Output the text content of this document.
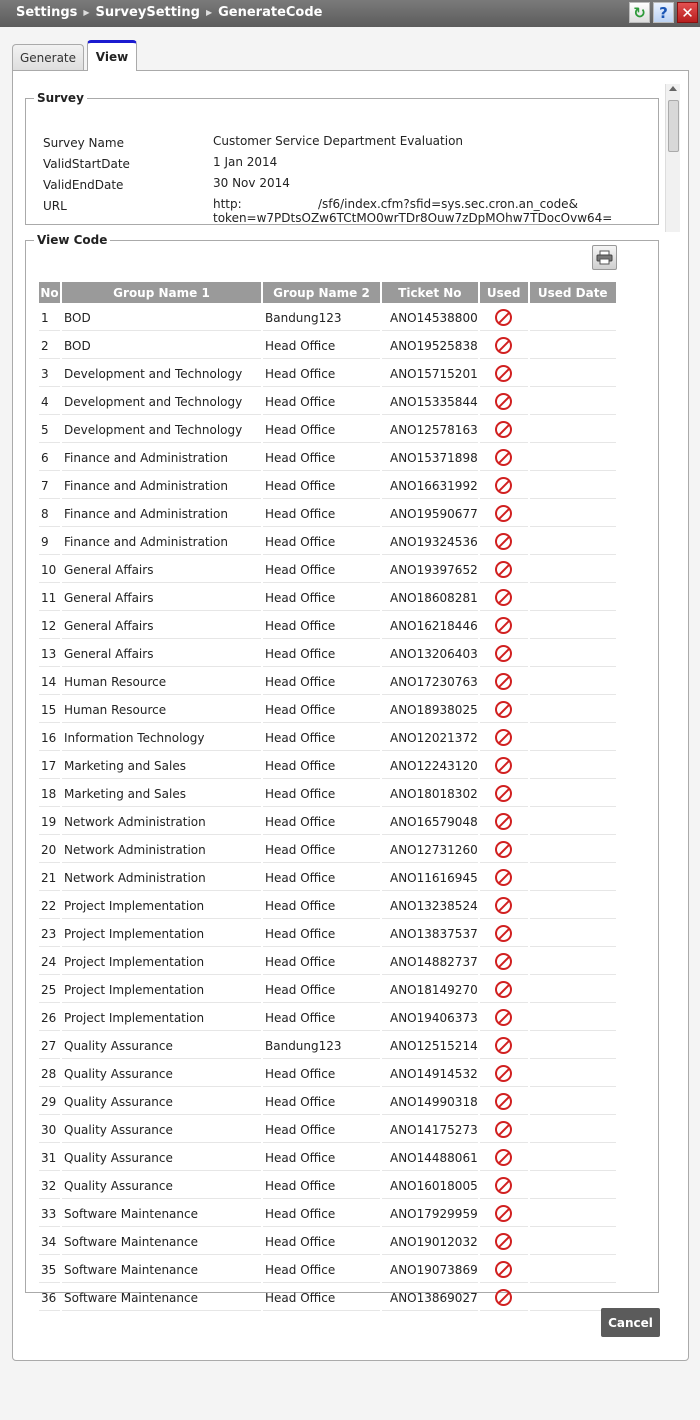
Settings ▶ SurveySetting ▶ GenerateCode	↻ ? ✕
Generate	View
Survey
Survey Name	Customer Service Department Evaluation
ValidStartDate	1 Jan 2014
ValidEndDate	30 Nov 2014
URL	http:                    /sf6/index.cfm?sfid=sys.sec.cron.an_code&
token=w7PDtsOZw6TCtMO0wrTDr8Ouw7zDpMOhw7TDocOvw64=
View Code
No	Group Name 1	Group Name 2	Ticket No	Used	Used Date
1	BOD	Bandung123	ANO14538800		
2	BOD	Head Office	ANO19525838		
3	Development and Technology	Head Office	ANO15715201		
4	Development and Technology	Head Office	ANO15335844		
5	Development and Technology	Head Office	ANO12578163		
6	Finance and Administration	Head Office	ANO15371898		
7	Finance and Administration	Head Office	ANO16631992		
8	Finance and Administration	Head Office	ANO19590677		
9	Finance and Administration	Head Office	ANO19324536		
10	General Affairs	Head Office	ANO19397652		
11	General Affairs	Head Office	ANO18608281		
12	General Affairs	Head Office	ANO16218446		
13	General Affairs	Head Office	ANO13206403		
14	Human Resource	Head Office	ANO17230763		
15	Human Resource	Head Office	ANO18938025		
16	Information Technology	Head Office	ANO12021372		
17	Marketing and Sales	Head Office	ANO12243120		
18	Marketing and Sales	Head Office	ANO18018302		
19	Network Administration	Head Office	ANO16579048		
20	Network Administration	Head Office	ANO12731260		
21	Network Administration	Head Office	ANO11616945		
22	Project Implementation	Head Office	ANO13238524		
23	Project Implementation	Head Office	ANO13837537		
24	Project Implementation	Head Office	ANO14882737		
25	Project Implementation	Head Office	ANO18149270		
26	Project Implementation	Head Office	ANO19406373		
27	Quality Assurance	Bandung123	ANO12515214		
28	Quality Assurance	Head Office	ANO14914532		
29	Quality Assurance	Head Office	ANO14990318		
30	Quality Assurance	Head Office	ANO14175273		
31	Quality Assurance	Head Office	ANO14488061		
32	Quality Assurance	Head Office	ANO16018005		
33	Software Maintenance	Head Office	ANO17929959		
34	Software Maintenance	Head Office	ANO19012032		
35	Software Maintenance	Head Office	ANO19073869		
36	Software Maintenance	Head Office	ANO13869027		
Cancel
